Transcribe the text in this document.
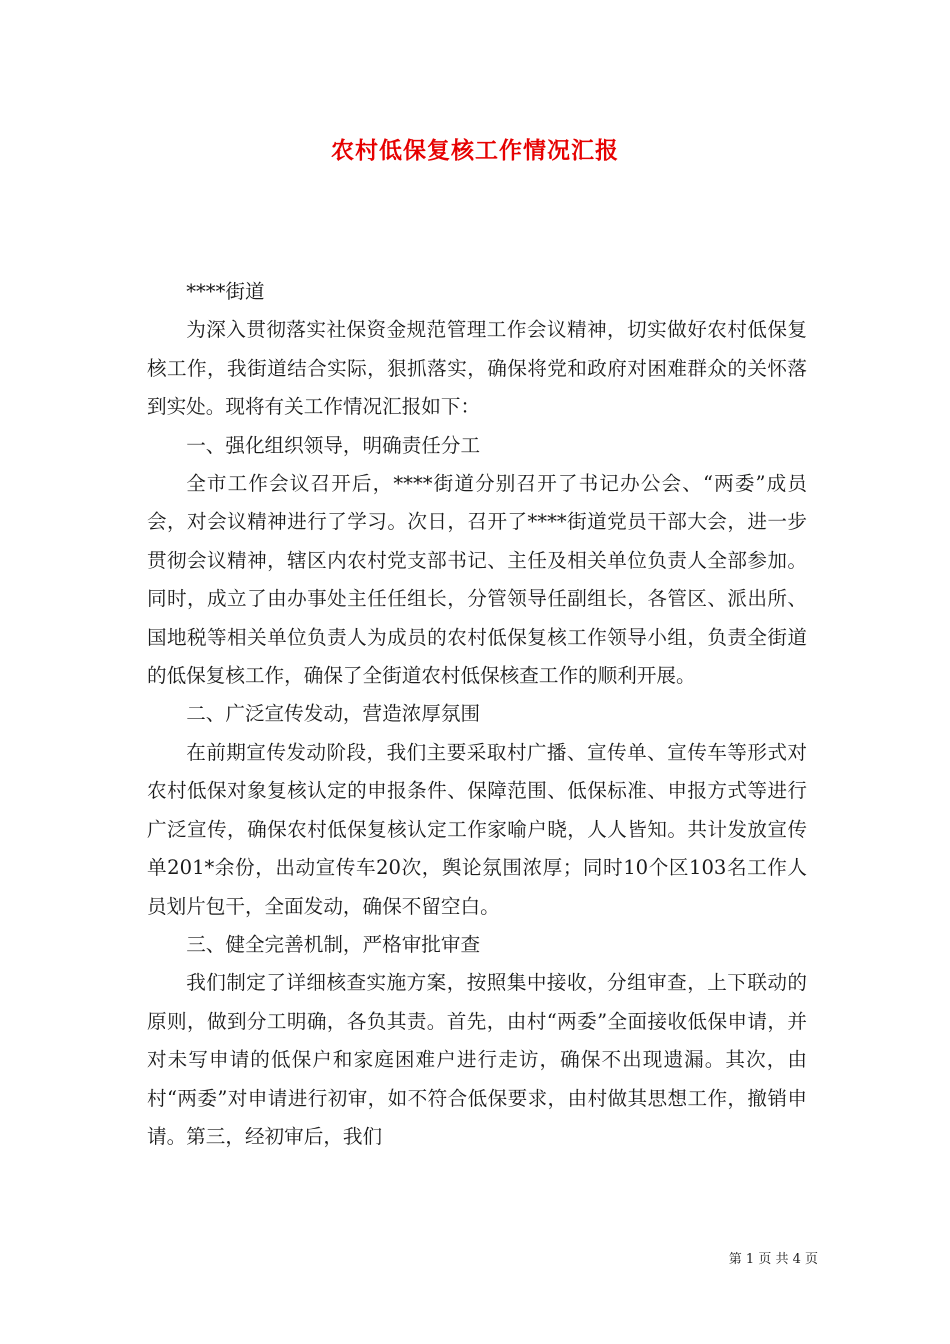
农村低保复核工作情况汇报

****街道

为深入贯彻落实社保资金规范管理工作会议精神，切实做好农村低保复核工作，我街道结合实际，狠抓落实，确保将党和政府对困难群众的关怀落到实处。现将有关工作情况汇报如下：

一、强化组织领导，明确责任分工

全市工作会议召开后，****街道分别召开了书记办公会、“两委”成员会，对会议精神进行了学习。次日，召开了****街道党员干部大会，进一步贯彻会议精神，辖区内农村党支部书记、主任及相关单位负责人全部参加。同时，成立了由办事处主任任组长，分管领导任副组长，各管区、派出所、国地税等相关单位负责人为成员的农村低保复核工作领导小组，负责全街道的低保复核工作，确保了全街道农村低保核查工作的顺利开展。

二、广泛宣传发动，营造浓厚氛围

在前期宣传发动阶段，我们主要采取村广播、宣传单、宣传车等形式对农村低保对象复核认定的申报条件、保障范围、低保标准、申报方式等进行广泛宣传，确保农村低保复核认定工作家喻户晓，人人皆知。共计发放宣传单201*余份，出动宣传车20次，舆论氛围浓厚；同时10个区103名工作人员划片包干，全面发动，确保不留空白。

三、健全完善机制，严格审批审查

我们制定了详细核查实施方案，按照集中接收，分组审查，上下联动的原则，做到分工明确，各负其责。首先，由村“两委”全面接收低保申请，并对未写申请的低保户和家庭困难户进行走访，确保不出现遗漏。其次，由村“两委”对申请进行初审，如不符合低保要求，由村做其思想工作，撤销申请。第三，经初审后，我们

第 1 页 共 4 页
